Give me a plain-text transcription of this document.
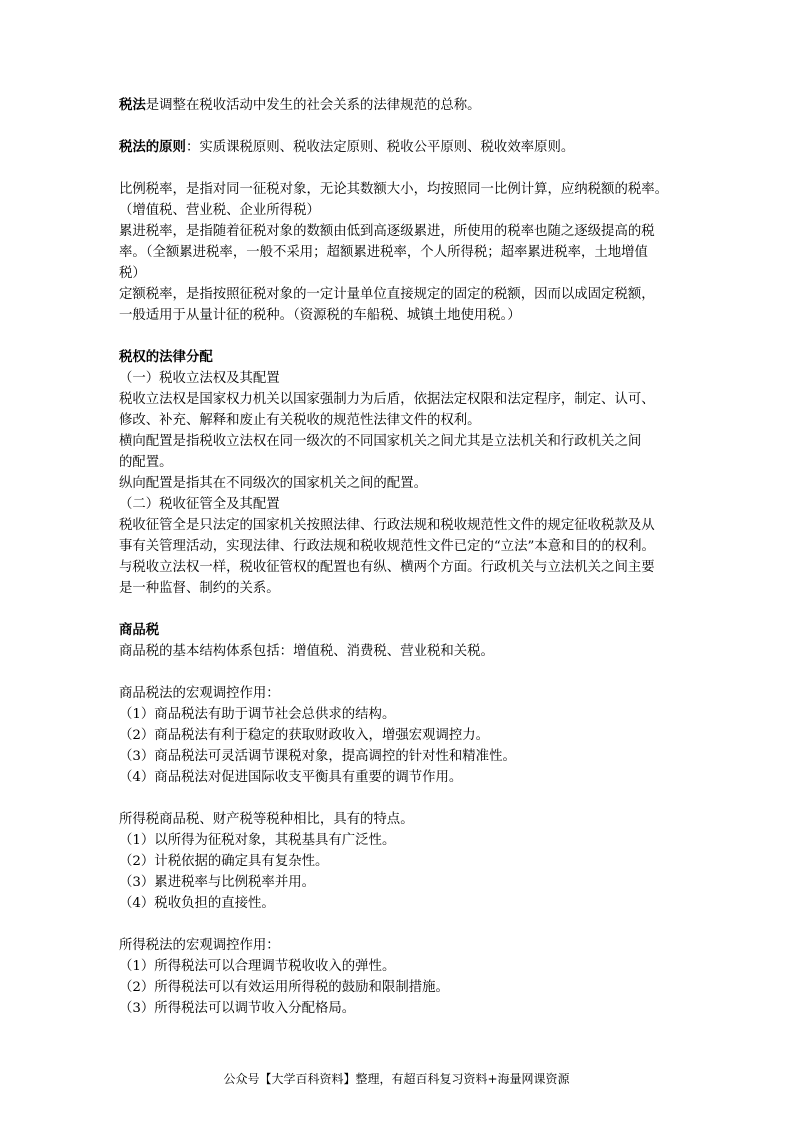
税法是调整在税收活动中发生的社会关系的法律规范的总称。
税法的原则：实质课税原则、税收法定原则、税收公平原则、税收效率原则。
比例税率，是指对同一征税对象，无论其数额大小，均按照同一比例计算，应纳税额的税率。
（增值税、营业税、企业所得税）
累进税率，是指随着征税对象的数额由低到高逐级累进，所使用的税率也随之逐级提高的税
率。（全额累进税率，一般不采用；超额累进税率，个人所得税；超率累进税率，土地增值
税）
定额税率，是指按照征税对象的一定计量单位直接规定的固定的税额，因而以成固定税额，
一般适用于从量计征的税种。（资源税的车船税、城镇土地使用税。）
税权的法律分配
（一）税收立法权及其配置
税收立法权是国家权力机关以国家强制力为后盾，依据法定权限和法定程序，制定、认可、
修改、补充、解释和废止有关税收的规范性法律文件的权利。
横向配置是指税收立法权在同一级次的不同国家机关之间尤其是立法机关和行政机关之间
的配置。
纵向配置是指其在不同级次的国家机关之间的配置。
（二）税收征管全及其配置
税收征管全是只法定的国家机关按照法律、行政法规和税收规范性文件的规定征收税款及从
事有关管理活动，实现法律、行政法规和税收规范性文件已定的“立法”本意和目的的权利。
与税收立法权一样，税收征管权的配置也有纵、横两个方面。行政机关与立法机关之间主要
是一种监督、制约的关系。
商品税
商品税的基本结构体系包括：增值税、消费税、营业税和关税。
商品税法的宏观调控作用：
（1）商品税法有助于调节社会总供求的结构。
（2）商品税法有利于稳定的获取财政收入，增强宏观调控力。
（3）商品税法可灵活调节课税对象，提高调控的针对性和精准性。
（4）商品税法对促进国际收支平衡具有重要的调节作用。
所得税商品税、财产税等税种相比，具有的特点。
（1）以所得为征税对象，其税基具有广泛性。
（2）计税依据的确定具有复杂性。
（3）累进税率与比例税率并用。
（4）税收负担的直接性。
所得税法的宏观调控作用：
（1）所得税法可以合理调节税收收入的弹性。
（2）所得税法可以有效运用所得税的鼓励和限制措施。
（3）所得税法可以调节收入分配格局。
公众号【大学百科资料】整理，有超百科复习资料+海量网课资源
